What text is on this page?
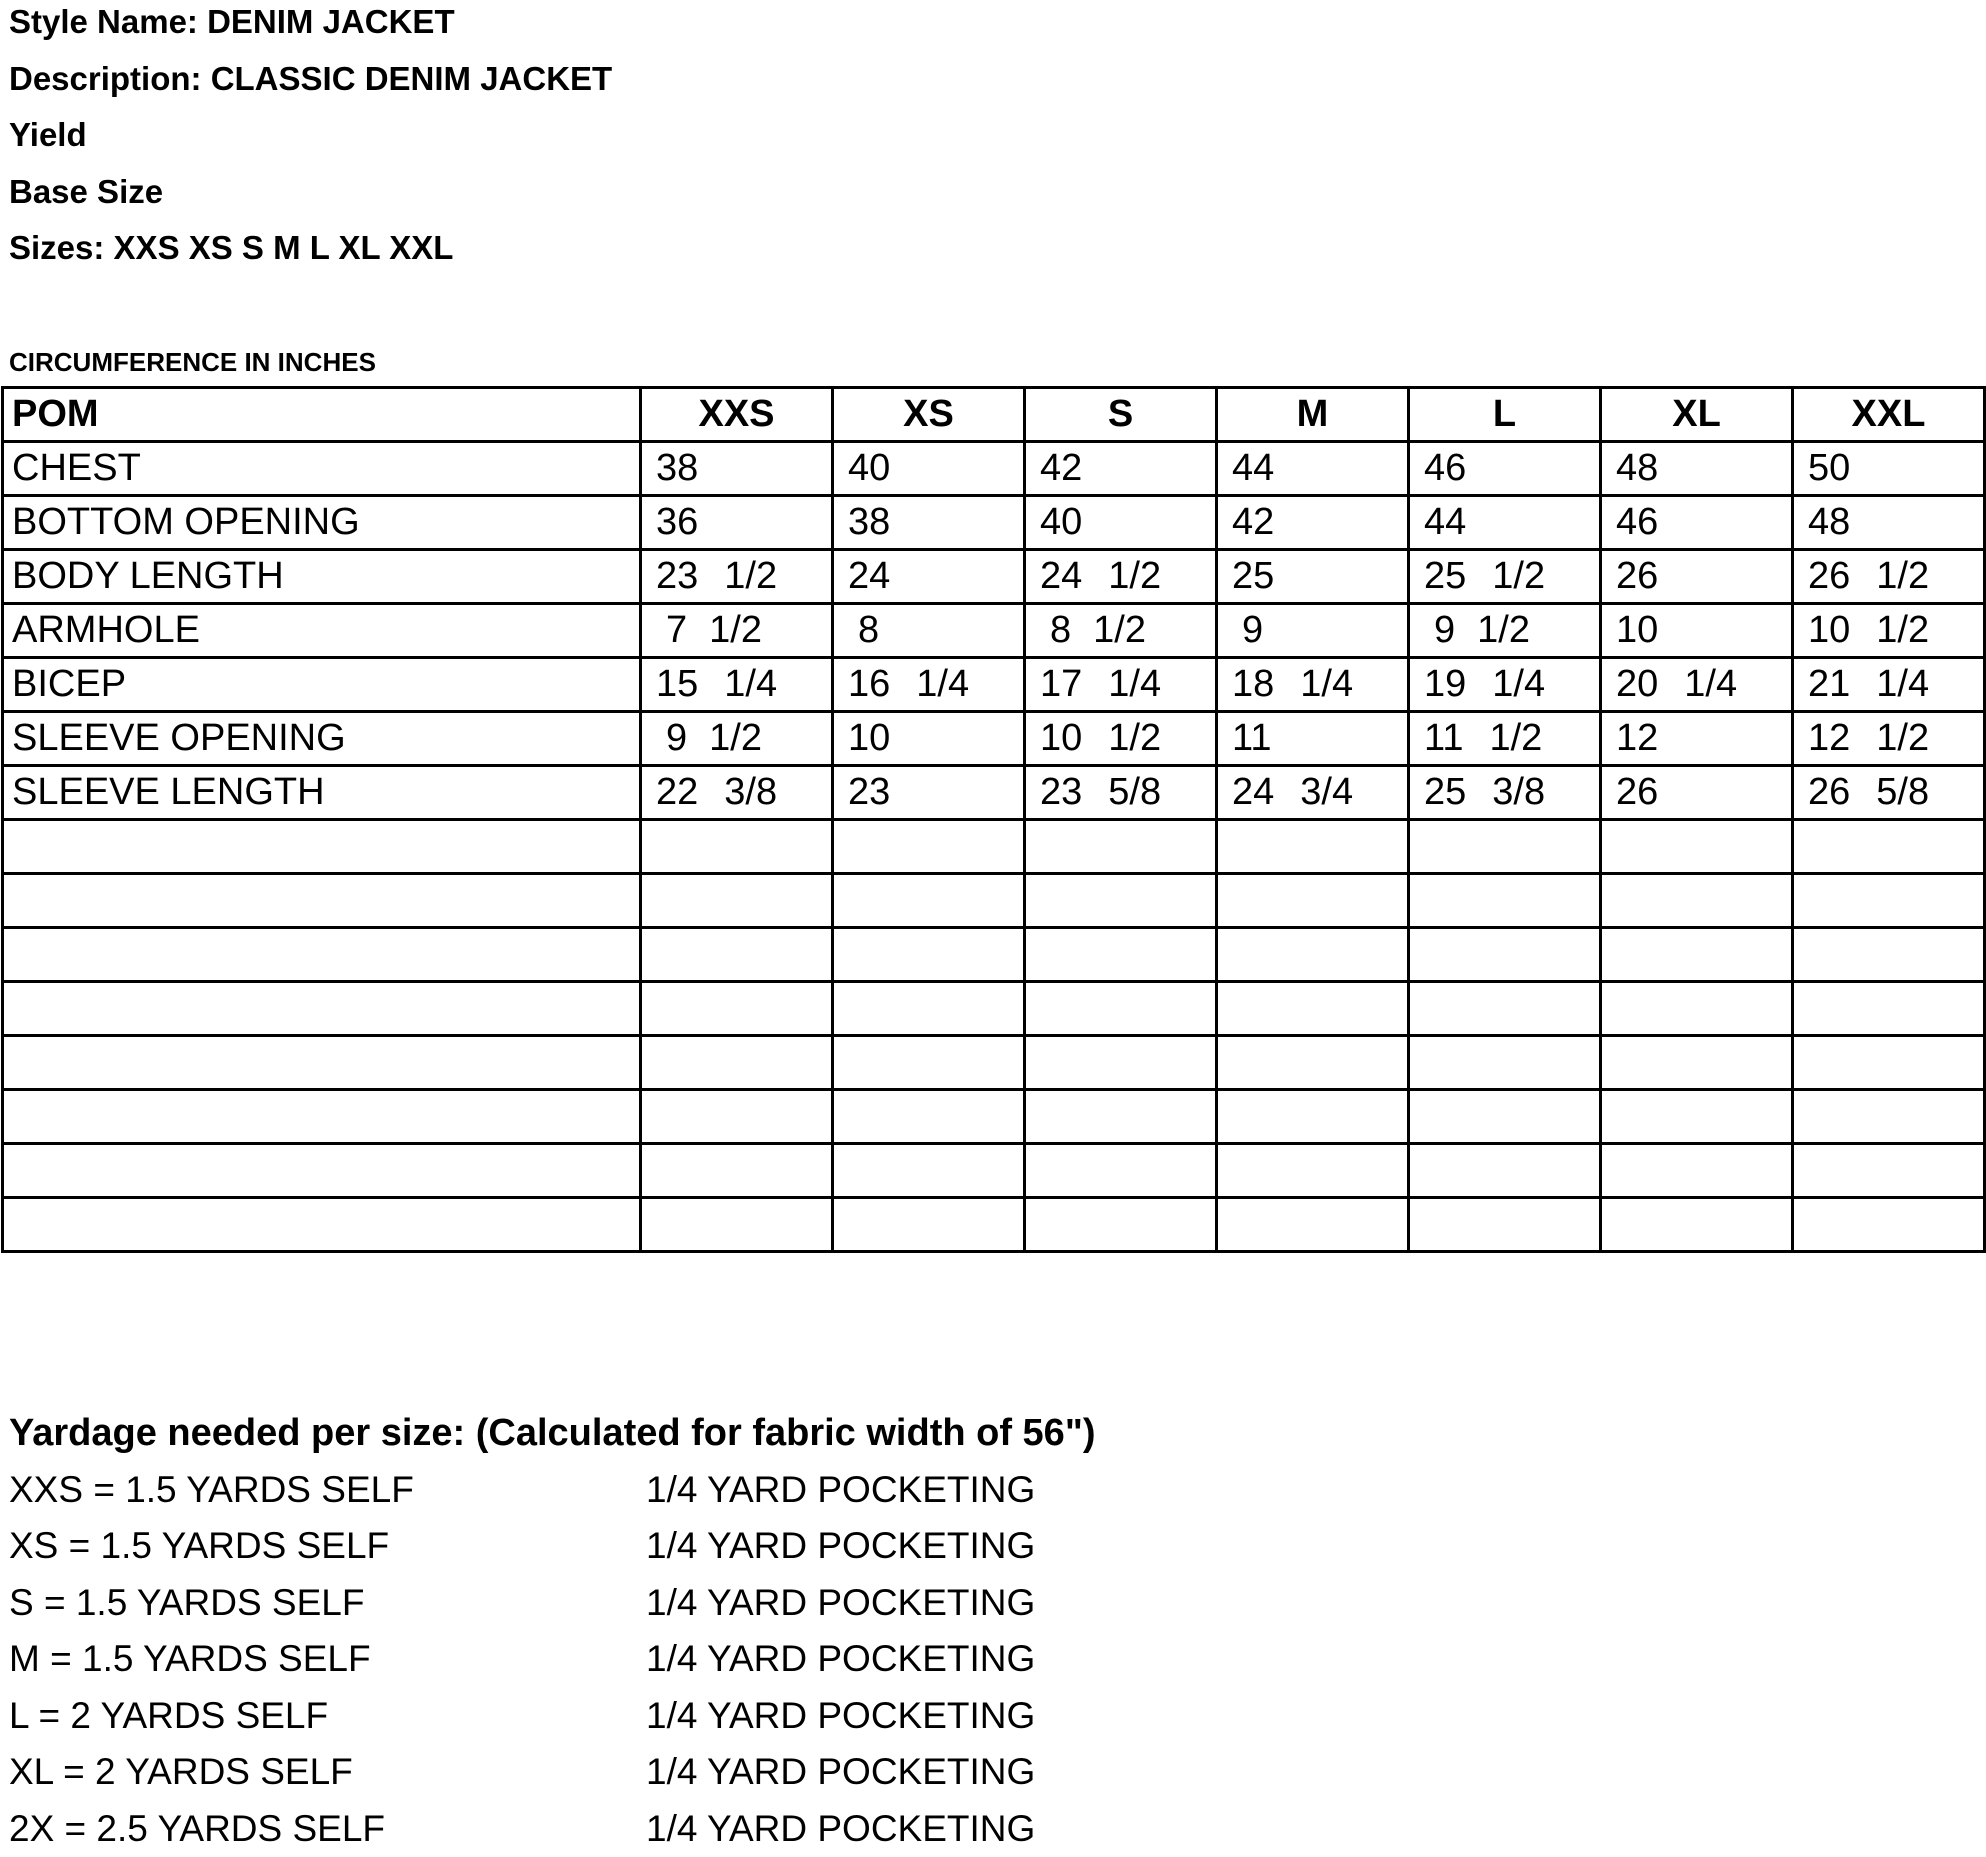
Style Name: DENIM JACKET
Description: CLASSIC DENIM JACKET
Yield
Base Size
Sizes: XXS XS S M L XL XXL
CIRCUMFERENCE IN INCHES
POM	XXS	XS	S	M	L	XL	XXL
CHEST	38	40	42	44	46	48	50
BOTTOM OPENING	36	38	40	42	44	46	48
BODY LENGTH	23 1/2	24	24 1/2	25	25 1/2	26	26 1/2
ARMHOLE	7 1/2	8	8 1/2	9	9 1/2	10	10 1/2
BICEP	15 1/4	16 1/4	17 1/4	18 1/4	19 1/4	20 1/4	21 1/4
SLEEVE OPENING	9 1/2	10	10 1/2	11	11 1/2	12	12 1/2
SLEEVE LENGTH	22 3/8	23	23 5/8	24 3/4	25 3/8	26	26 5/8

Yardage needed per size: (Calculated for fabric width of 56")
XXS = 1.5 YARDS SELF	1/4 YARD POCKETING
XS = 1.5 YARDS SELF	1/4 YARD POCKETING
S = 1.5 YARDS SELF	1/4 YARD POCKETING
M = 1.5 YARDS SELF	1/4 YARD POCKETING
L = 2 YARDS SELF	1/4 YARD POCKETING
XL = 2 YARDS SELF	1/4 YARD POCKETING
2X = 2.5 YARDS SELF	1/4 YARD POCKETING
